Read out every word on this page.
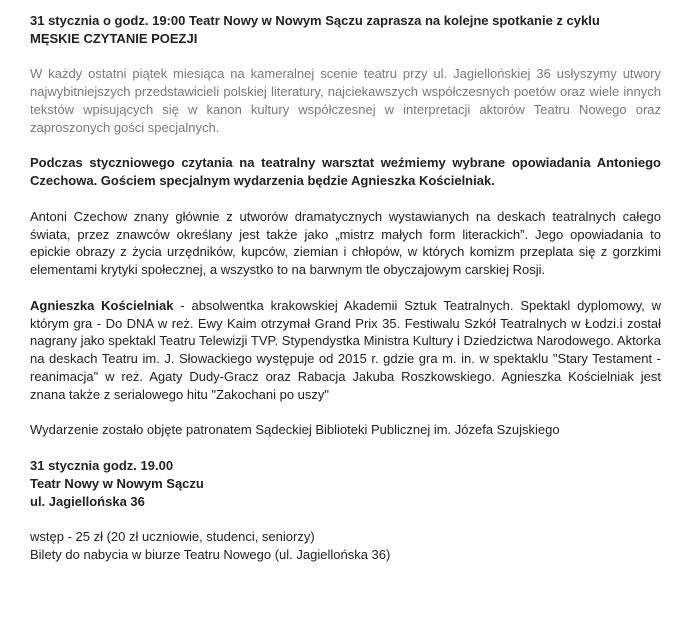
31 stycznia o godz. 19:00 Teatr Nowy w Nowym Sączu zaprasza na kolejne spotkanie z cyklu

MĘSKIE CZYTANIE POEZJI

W każdy ostatni piątek miesiąca na kameralnej scenie teatru przy ul. Jagiellońskiej 36 usłyszymy utwory najwybitniejszych przedstawicieli polskiej literatury, najciekawszych współczesnych poetów oraz wiele innych tekstów wpisujących się w kanon kultury współczesnej w interpretacji aktorów Teatru Nowego oraz zaproszonych gości specjalnych.

Podczas styczniowego czytania na teatralny warsztat weźmiemy wybrane opowiadania Antoniego Czechowa. Gościem specjalnym wydarzenia będzie Agnieszka Kościelniak.

Antoni Czechow znany głównie z utworów dramatycznych wystawianych na deskach teatralnych całego świata, przez znawców określany jest także jako „mistrz małych form literackich”. Jego opowiadania to epickie obrazy z życia urzędników, kupców, ziemian i chłopów, w których komizm przeplata się z gorzkimi elementami krytyki społecznej, a wszystko to na barwnym tle obyczajowym carskiej Rosji.

Agnieszka Kościelniak - absolwentka krakowskiej Akademii Sztuk Teatralnych. Spektakl dyplomowy, w którym gra - Do DNA w reż. Ewy Kaim otrzymał Grand Prix 35. Festiwalu Szkół Teatralnych w Łodzi.i został nagrany jako spektakl Teatru Telewizji TVP. Stypendystka Ministra Kultury i Dziedzictwa Narodowego. Aktorka na deskach Teatru im. J. Słowackiego występuje od 2015 r. gdzie gra m. in. w spektaklu "Stary Testament - reanimacja" w reż. Agaty Dudy-Gracz oraz Rabacja Jakuba Roszkowskiego. Agnieszka Kościelniak jest znana także z serialowego hitu "Zakochani po uszy"

Wydarzenie zostało objęte patronatem Sądeckiej Biblioteki Publicznej im. Józefa Szujskiego

31 stycznia godz. 19.00

Teatr Nowy w Nowym Sączu

ul. Jagiellońska 36

wstęp - 25 zł (20 zł uczniowie, studenci, seniorzy)

Bilety do nabycia w biurze Teatru Nowego (ul. Jagiellońska 36)
